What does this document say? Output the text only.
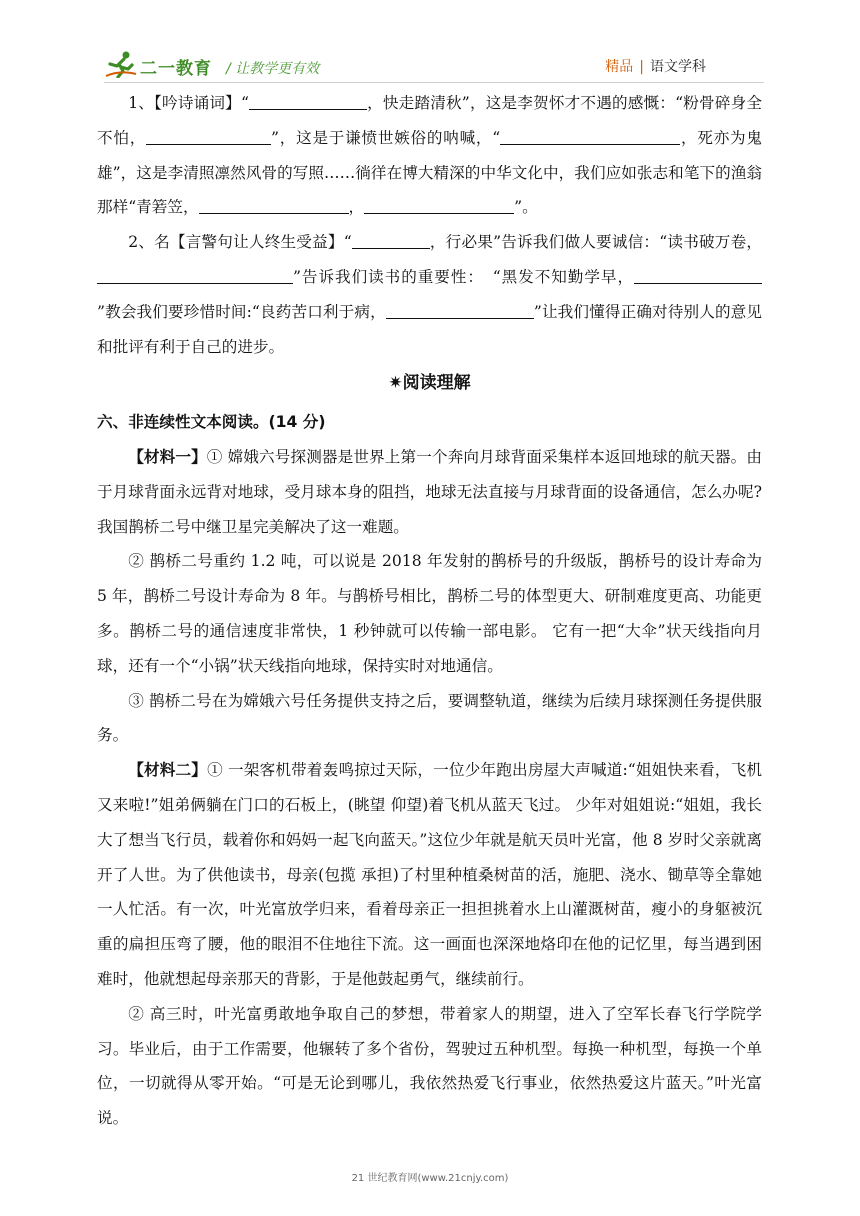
二一教育 / 让教学更有效	精品 | 语文学科

1、【吟诗诵词】“	，快走踏清秋”，这是李贺怀才不遇的感慨：“粉骨碎身全不怕，	”，这是于谦愤世嫉俗的呐喊，“	，死亦为鬼雄”，这是李清照凛然风骨的写照……徜徉在博大精深的中华文化中，我们应如张志和笔下的渔翁那样“青箬笠，	，	”。

2、名【言警句让人终生受益】“	，行必果”告诉我们做人要诚信：“读书破万卷，”告诉我们读书的重要性：　“黑发不知勤学早，”教会我们要珍惜时间:“良药苦口利于病，	”让我们懂得正确对待别人的意见和批评有利于自己的进步。

✷阅读理解

六、非连续性文本阅读。(14 分)

【材料一】① 嫦娥六号探测器是世界上第一个奔向月球背面采集样本返回地球的航天器。由于月球背面永远背对地球，受月球本身的阻挡，地球无法直接与月球背面的设备通信，怎么办呢?我国鹊桥二号中继卫星完美解决了这一难题。

② 鹊桥二号重约 1.2 吨，可以说是 2018 年发射的鹊桥号的升级版，鹊桥号的设计寿命为 5 年，鹊桥二号设计寿命为 8 年。与鹊桥号相比，鹊桥二号的体型更大、研制难度更高、功能更多。鹊桥二号的通信速度非常快，1 秒钟就可以传输一部电影。 它有一把“大伞”状天线指向月球，还有一个“小锅”状天线指向地球，保持实时对地通信。

③ 鹊桥二号在为嫦娥六号任务提供支持之后，要调整轨道，继续为后续月球探测任务提供服务。

【材料二】① 一架客机带着轰鸣掠过天际，一位少年跑出房屋大声喊道:“姐姐快来看，飞机又来啦!”姐弟俩躺在门口的石板上，(眺望 仰望)着飞机从蓝天飞过。 少年对姐姐说:“姐姐，我长大了想当飞行员，载着你和妈妈一起飞向蓝天。”这位少年就是航天员叶光富，他 8 岁时父亲就离开了人世。为了供他读书，母亲(包揽 承担)了村里种植桑树苗的活，施肥、浇水、锄草等全靠她一人忙活。有一次，叶光富放学归来，看着母亲正一担担挑着水上山灌溉树苗，瘦小的身躯被沉重的扁担压弯了腰，他的眼泪不住地往下流。这一画面也深深地烙印在他的记忆里，每当遇到困难时，他就想起母亲那天的背影，于是他鼓起勇气，继续前行。

② 高三时，叶光富勇敢地争取自己的梦想，带着家人的期望，进入了空军长春飞行学院学习。毕业后，由于工作需要，他辗转了多个省份，驾驶过五种机型。每换一种机型，每换一个单位，一切就得从零开始。“可是无论到哪儿，我依然热爱飞行事业，依然热爱这片蓝天。”叶光富说。

21 世纪教育网(www.21cnjy.com)
